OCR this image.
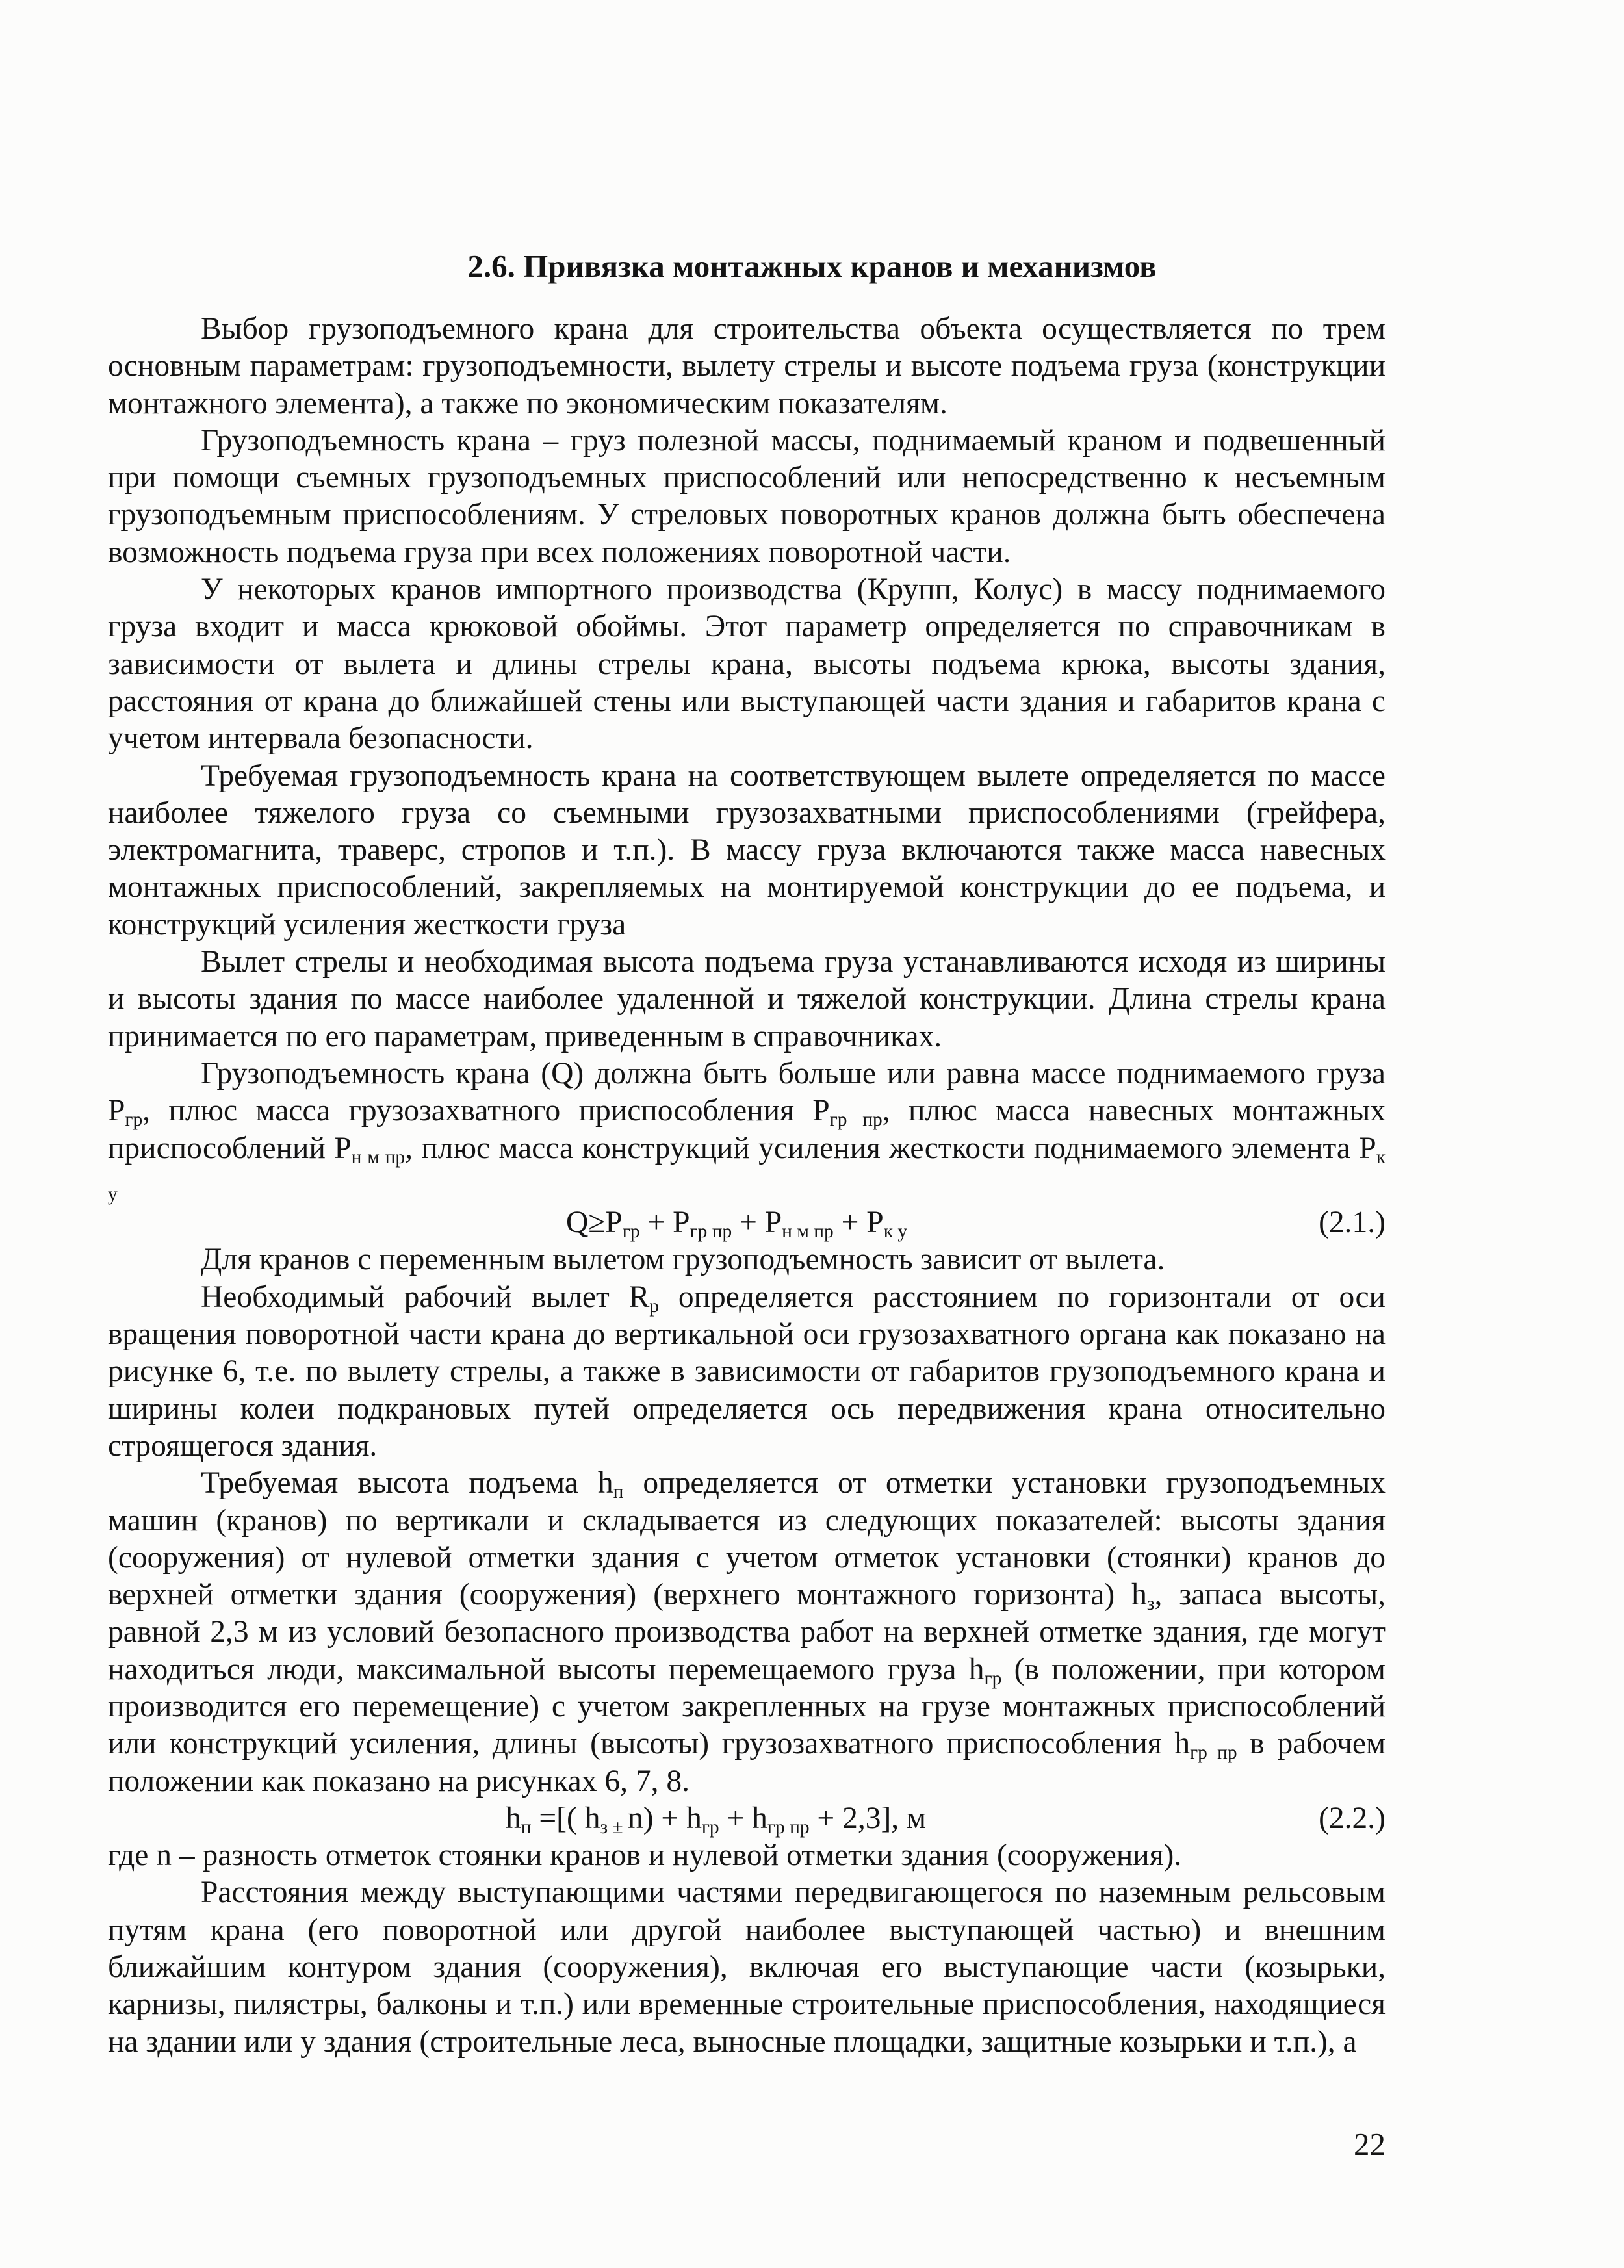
2.6. Привязка монтажных кранов и механизмов

Выбор грузоподъемного крана для строительства объекта осуществляется по трем основным параметрам: грузоподъемности, вылету стрелы и высоте подъема груза (конструкции монтажного элемента), а также по экономическим показателям.

Грузоподъемность крана – груз полезной массы, поднимаемый краном и подвешенный при помощи съемных грузоподъемных приспособлений или непосредственно к несъемным грузоподъемным приспособлениям. У стреловых поворотных кранов должна быть обеспечена возможность подъема груза при всех положениях поворотной части.

У некоторых кранов импортного производства (Крупп, Колус) в массу поднимаемого груза входит и масса крюковой обоймы. Этот параметр определяется по справочникам в зависимости от вылета и длины стрелы крана, высоты подъема крюка, высоты здания, расстояния от крана до ближайшей стены или выступающей части здания и габаритов крана с учетом интервала безопасности.

Требуемая грузоподъемность крана на соответствующем вылете определяется по массе наиболее тяжелого груза со съемными грузозахватными приспособлениями (грейфера, электромагнита, траверс, стропов и т.п.). В массу груза включаются также масса навесных монтажных приспособлений, закрепляемых на монтируемой конструкции до ее подъема, и конструкций усиления жесткости груза

Вылет стрелы и необходимая высота подъема груза устанавливаются исходя из ширины и высоты здания по массе наиболее удаленной и тяжелой конструкции. Длина стрелы крана принимается по его параметрам, приведенным в справочниках.

Грузоподъемность крана (Q) должна быть больше или равна массе поднимаемого груза $Р_{гр}$, плюс масса грузозахватного приспособления $Р_{гр пр}$, плюс масса навесных монтажных приспособлений $Р_{н м пр}$, плюс масса конструкций усиления жесткости поднимаемого элемента $Р_{к у}$

$Q\ge Р_{гр} + Р_{гр пр} + Р_{н м пр} + Р_{к у}$	(2.1.)

Для кранов с переменным вылетом грузоподъемность зависит от вылета.

Необходимый рабочий вылет $R_р$ определяется расстоянием по горизонтали от оси вращения поворотной части крана до вертикальной оси грузозахватного органа как показано на рисунке 6, т.е. по вылету стрелы, а также в зависимости от габаритов грузоподъемного крана и ширины колеи подкрановых путей определяется ось передвижения крана относительно строящегося здания.

Требуемая высота подъема $h_п$ определяется от отметки установки грузоподъемных машин (кранов) по вертикали и складывается из следующих показателей: высоты здания (сооружения) от нулевой отметки здания с учетом отметок установки (стоянки) кранов до верхней отметки здания (сооружения) (верхнего монтажного горизонта) $h_з$, запаса высоты, равной 2,3 м из условий безопасного производства работ на верхней отметке здания, где могут находиться люди, максимальной высоты перемещаемого груза $h_{гр}$ (в положении, при котором производится его перемещение) с учетом закрепленных на грузе монтажных приспособлений или конструкций усиления, длины (высоты) грузозахватного приспособления $h_{гр пр}$ в рабочем положении как показано на рисунках 6, 7, 8.

$h_п$ =[( $h_{з \pm}$ $n) + h_{гр} + h_{гр пр} + 2,3$], м	(2.2.)

где n – разность отметок стоянки кранов и нулевой отметки здания (сооружения).

Расстояния между выступающими частями передвигающегося по наземным рельсовым путям крана (его поворотной или другой наиболее выступающей частью) и внешним ближайшим контуром здания (сооружения), включая его выступающие части (козырьки, карнизы, пилястры, балконы и т.п.) или временные строительные приспособления, находящиеся на здании или у здания (строительные леса, выносные площадки, защитные козырьки и т.п.), а

22
